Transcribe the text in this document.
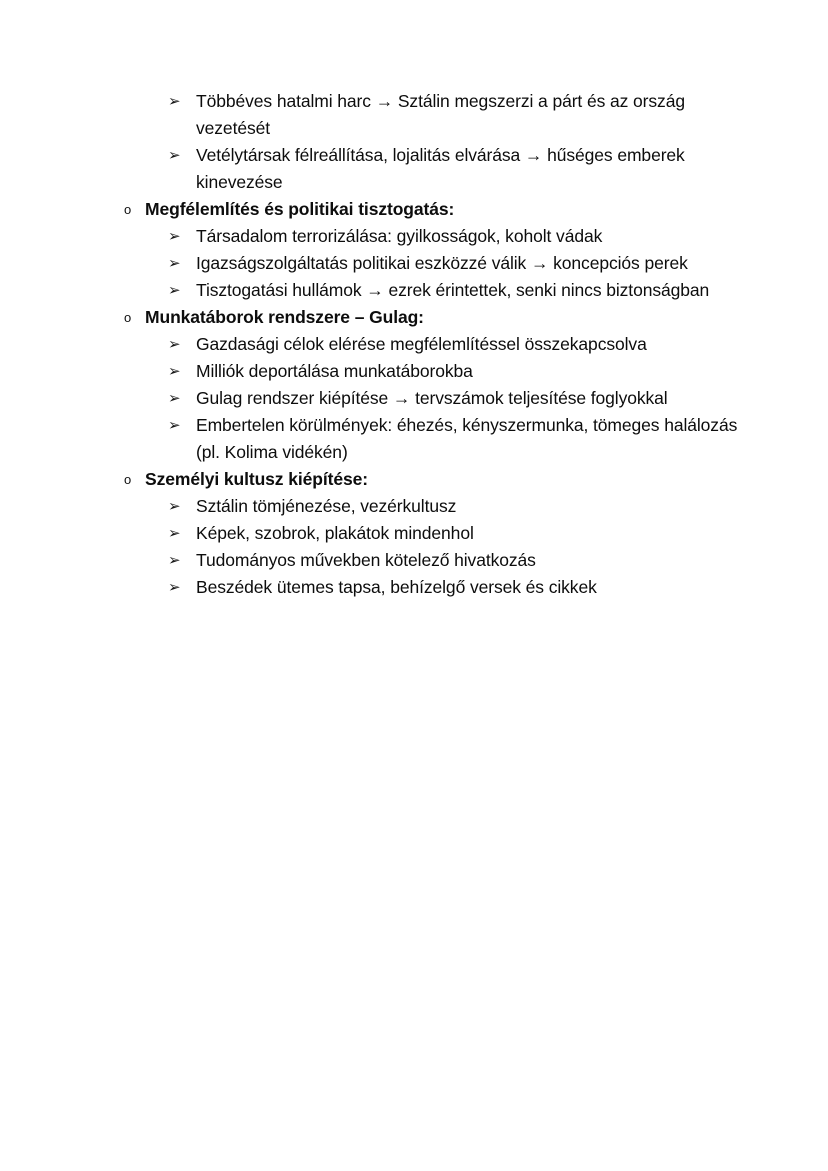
➢ Többéves hatalmi harc → Sztálin megszerzi a párt és az ország vezetését
➢ Vetélytársak félreállítása, lojalitás elvárása → hűséges emberek kinevezése
o Megfélemlítés és politikai tisztogatás:
➢ Társadalom terrorizálása: gyilkosságok, koholt vádak
➢ Igazságszolgáltatás politikai eszközzé válik → koncepciós perek
➢ Tisztogatási hullámok → ezrek érintettek, senki nincs biztonságban
o Munkatáborok rendszere – Gulag:
➢ Gazdasági célok elérése megfélemlítéssel összekapcsolva
➢ Milliók deportálása munkatáborokba
➢ Gulag rendszer kiépítése → tervszámok teljesítése foglyokkal
➢ Embertelen körülmények: éhezés, kényszermunka, tömeges halálozás (pl. Kolima vidékén)
o Személyi kultusz kiépítése:
➢ Sztálin tömjénezése, vezérkultusz
➢ Képek, szobrok, plakátok mindenhol
➢ Tudományos művekben kötelező hivatkozás
➢ Beszédek ütemes tapsa, behízelgő versek és cikkek
